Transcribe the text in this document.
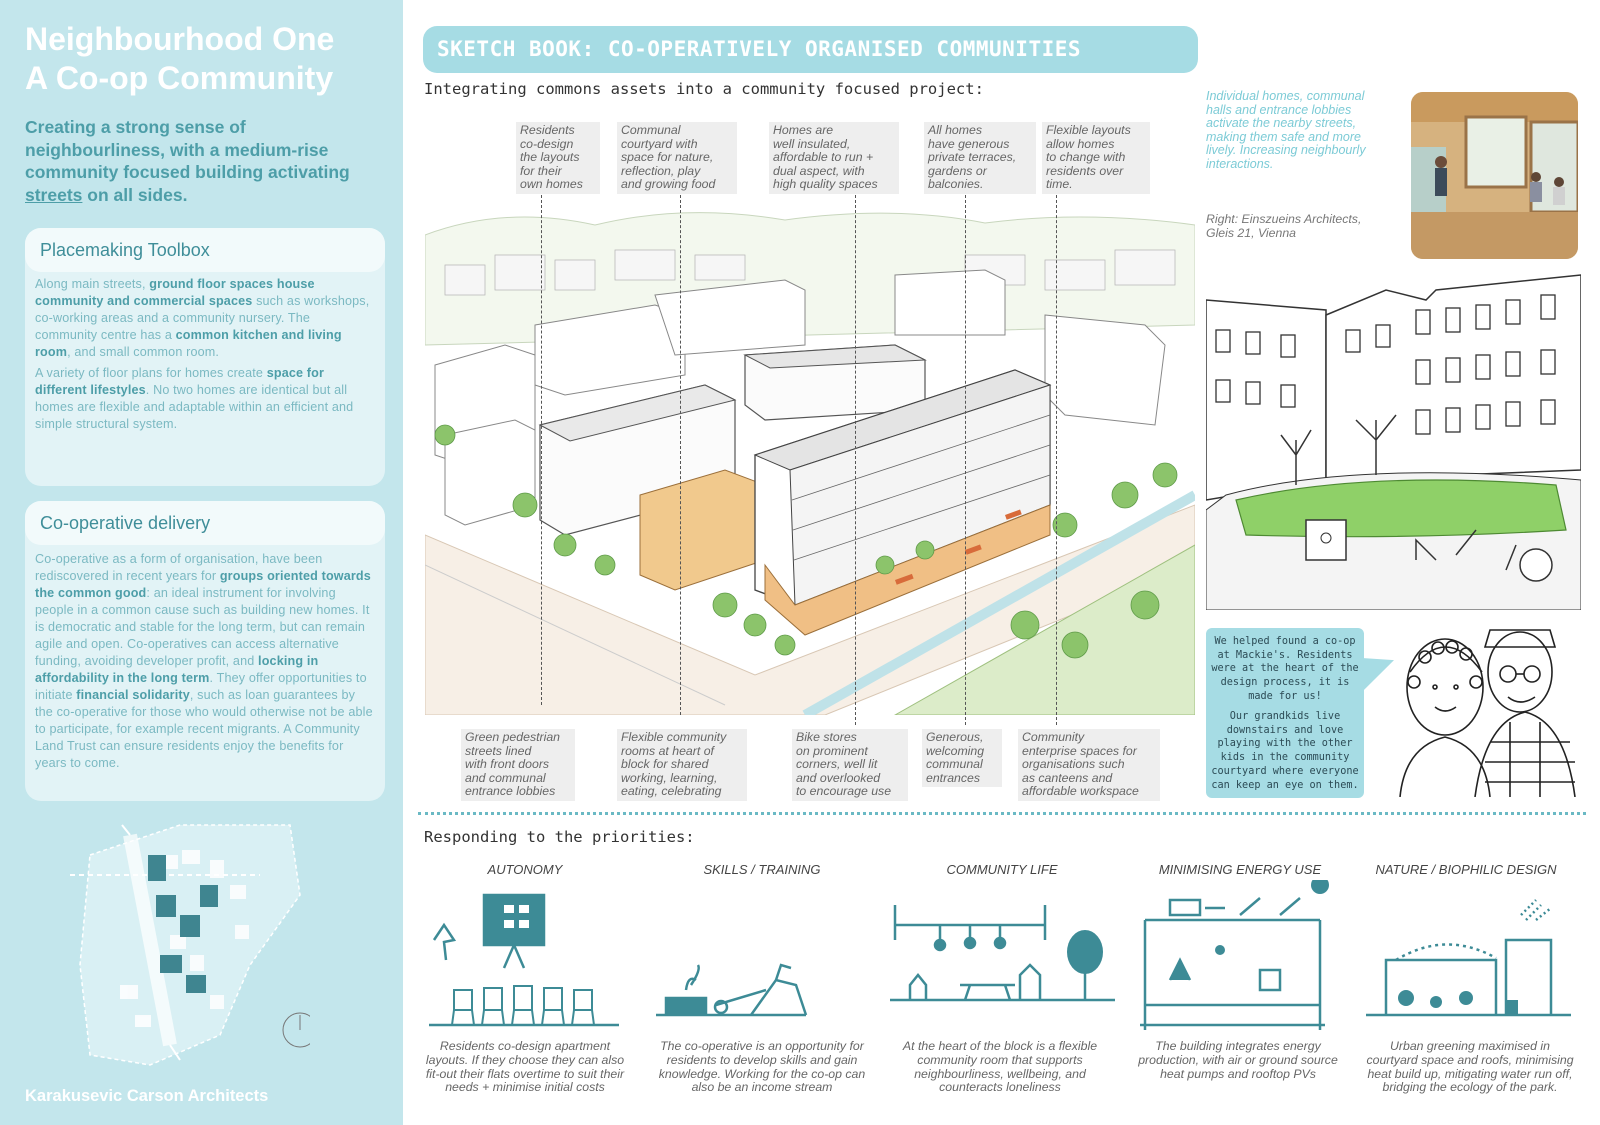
Neighbourhood One
A Co-op Community

Creating a strong sense of neighbourliness, with a medium-rise community focused building activating streets on all sides.

Placemaking Toolbox

Along main streets, ground floor spaces house community and commercial spaces such as workshops, co-working areas and a community nursery. The community centre has a common kitchen and living room, and small common room.

A variety of floor plans for homes create space for different lifestyles. No two homes are identical but all homes are flexible and adaptable within an efficient and simple structural system.

Co-operative delivery

Co-operative as a form of organisation, have been rediscovered in recent years for groups oriented towards the common good: an ideal instrument for involving people in a common cause such as building new homes. It is democratic and stable for the long term, but can remain agile and open. Co-operatives can access alternative funding, avoiding developer profit, and locking in affordability in the long term. They offer opportunities to initiate financial solidarity, such as loan guarantees by the co-operative for those who would otherwise not be able to participate, for example recent migrants. A Community Land Trust can ensure residents enjoy the benefits for years to come.

Karakusevic Carson Architects

SKETCH BOOK: CO-OPERATIVELY ORGANISED COMMUNITIES

Integrating commons assets into a community focused project:

Residents
co-design
the layouts
for their
own homes
Communal
courtyard with
space for nature,
reflection, play
and growing food
Homes are
well insulated,
affordable to run +
dual aspect, with
high quality spaces
All homes
have generous
private terraces,
gardens or
balconies.
Flexible layouts
allow homes
to change with
residents over
time.
Green pedestrian
streets lined
with front doors
and communal
entrance lobbies
Flexible community
rooms at heart of
block for shared
working, learning,
eating, celebrating
Bike stores
on prominent
corners, well lit
and overlooked
to encourage use
Generous,
welcoming
communal
entrances
Community
enterprise spaces for
organisations such
as canteens and
affordable workspace

Individual homes, communal halls and entrance lobbies activate the nearby streets, making them safe and more lively. Increasing neighbourly interactions.

Right: Einszueins Architects, Gleis 21, Vienna

We helped found a co-op at Mackie's. Residents were at the heart of the design process, it is made for us!

Our grandkids live downstairs and love playing with the other kids in the community courtyard where everyone can keep an eye on them.

Responding to the priorities:

AUTONOMY	SKILLS / TRAINING	COMMUNITY LIFE	MINIMISING ENERGY USE	NATURE / BIOPHILIC DESIGN

Residents co-design apartment layouts. If they choose they can also fit-out their flats overtime to suit their needs + minimise initial costs

The co-operative is an opportunity for residents to develop skills and gain knowledge. Working for the co-op can also be an income stream

At the heart of the block is a flexible community room that supports neighbourliness, wellbeing, and counteracts loneliness

The building integrates energy production, with air or ground source heat pumps and rooftop PVs

Urban greening maximised in courtyard space and roofs, minimising heat build up, mitigating water run off, bridging the ecology of the park.
